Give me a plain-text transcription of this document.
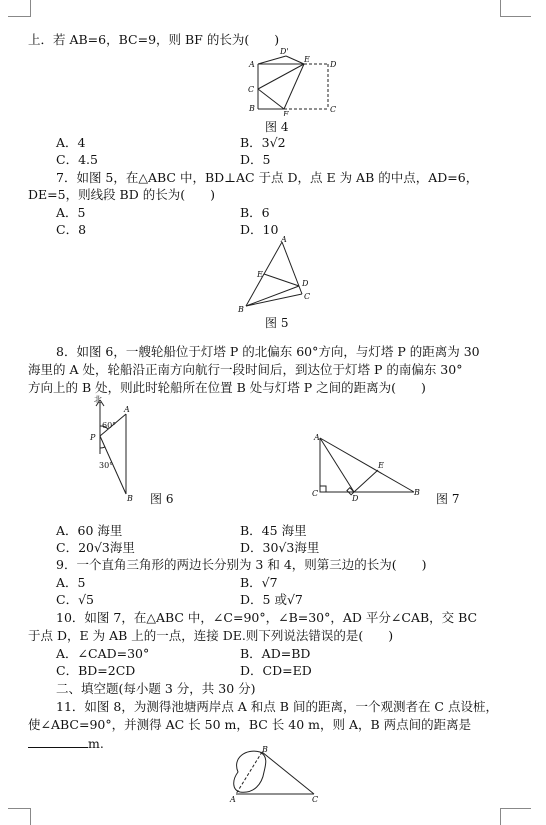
上．若 AB=6，BC=9，则 BF 的长为(　　)
D'
A
E
D
C
B
F
C
图 4
A．4	B．3√2
C．4.5	D．5
7．如图 5，在△ABC 中，BD⊥AC 于点 D，点 E 为 AB 的中点，AD=6，
DE=5，则线段 BD 的长为(　　)
A．5	B．6
C．8	D．10
A
E
D
C
B
图 5
8．如图 6，一艘轮船位于灯塔 P 的北偏东 60°方向，与灯塔 P 的距离为 30
海里的 A 处，轮船沿正南方向航行一段时间后，到达位于灯塔 P 的南偏东 30°
方向上的 B 处，则此时轮船所在位置 B 处与灯塔 P 之间的距离为(　　)
北
A
60°
P
30°
B 图 6
A
E
C
D
B 图 7
A．60 海里	B．45 海里
C．20√3海里	D．30√3海里
9．一个直角三角形的两边长分别为 3 和 4，则第三边的长为(　　)
A．5	B．√7
C．√5	D．5 或√7
10．如图 7，在△ABC 中，∠C=90°，∠B=30°，AD 平分∠CAB，交 BC
于点 D，E 为 AB 上的一点，连接 DE.则下列说法错误的是(　　)
A．∠CAD=30°	B．AD=BD
C．BD=2CD	D．CD=ED
二、填空题(每小题 3 分，共 30 分)
11．如图 8，为测得池塘两岸点 A 和点 B 间的距离，一个观测者在 C 点设桩，
使∠ABC=90°，并测得 AC 长 50 m，BC 长 40 m，则 A，B 两点间的距离是
m.	B
A	C
